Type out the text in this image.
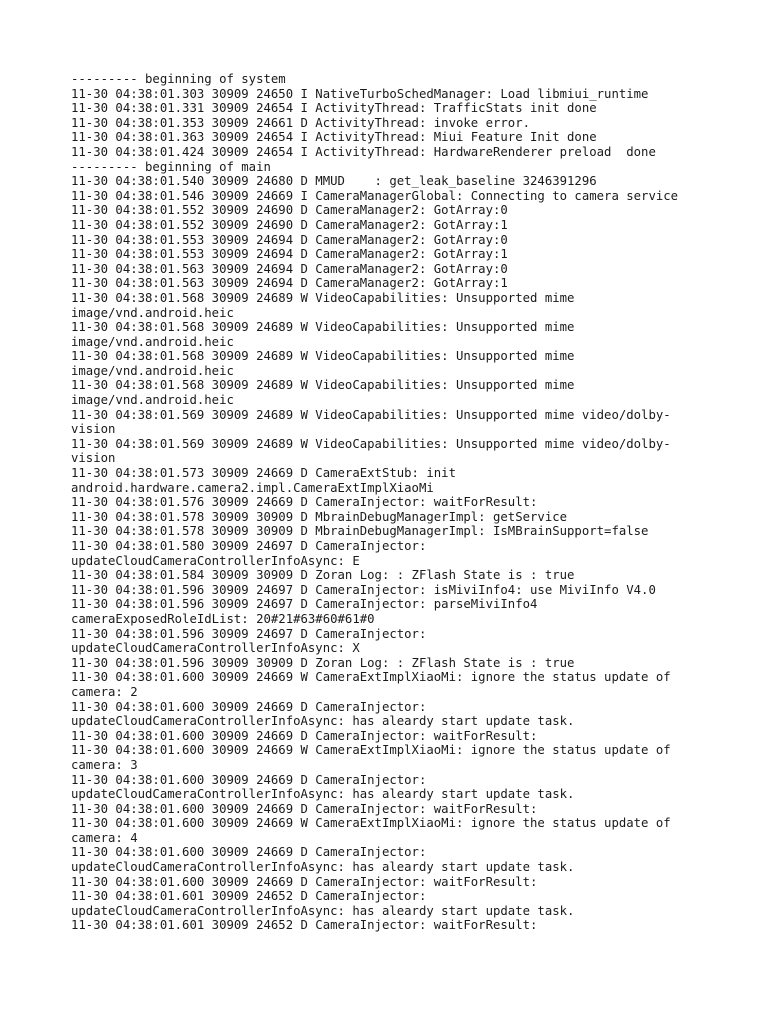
--------- beginning of system
11-30 04:38:01.303 30909 24650 I NativeTurboSchedManager: Load libmiui_runtime
11-30 04:38:01.331 30909 24654 I ActivityThread: TrafficStats init done
11-30 04:38:01.353 30909 24661 D ActivityThread: invoke error.
11-30 04:38:01.363 30909 24654 I ActivityThread: Miui Feature Init done
11-30 04:38:01.424 30909 24654 I ActivityThread: HardwareRenderer preload  done
--------- beginning of main
11-30 04:38:01.540 30909 24680 D MMUD    : get_leak_baseline 3246391296
11-30 04:38:01.546 30909 24669 I CameraManagerGlobal: Connecting to camera service
11-30 04:38:01.552 30909 24690 D CameraManager2: GotArray:0
11-30 04:38:01.552 30909 24690 D CameraManager2: GotArray:1
11-30 04:38:01.553 30909 24694 D CameraManager2: GotArray:0
11-30 04:38:01.553 30909 24694 D CameraManager2: GotArray:1
11-30 04:38:01.563 30909 24694 D CameraManager2: GotArray:0
11-30 04:38:01.563 30909 24694 D CameraManager2: GotArray:1
11-30 04:38:01.568 30909 24689 W VideoCapabilities: Unsupported mime
image/vnd.android.heic
11-30 04:38:01.568 30909 24689 W VideoCapabilities: Unsupported mime
image/vnd.android.heic
11-30 04:38:01.568 30909 24689 W VideoCapabilities: Unsupported mime
image/vnd.android.heic
11-30 04:38:01.568 30909 24689 W VideoCapabilities: Unsupported mime
image/vnd.android.heic
11-30 04:38:01.569 30909 24689 W VideoCapabilities: Unsupported mime video/dolby-
vision
11-30 04:38:01.569 30909 24689 W VideoCapabilities: Unsupported mime video/dolby-
vision
11-30 04:38:01.573 30909 24669 D CameraExtStub: init
android.hardware.camera2.impl.CameraExtImplXiaoMi
11-30 04:38:01.576 30909 24669 D CameraInjector: waitForResult:
11-30 04:38:01.578 30909 30909 D MbrainDebugManagerImpl: getService
11-30 04:38:01.578 30909 30909 D MbrainDebugManagerImpl: IsMBrainSupport=false
11-30 04:38:01.580 30909 24697 D CameraInjector:
updateCloudCameraControllerInfoAsync: E
11-30 04:38:01.584 30909 30909 D Zoran Log: : ZFlash State is : true
11-30 04:38:01.596 30909 24697 D CameraInjector: isMiviInfo4: use MiviInfo V4.0
11-30 04:38:01.596 30909 24697 D CameraInjector: parseMiviInfo4
cameraExposedRoleIdList: 20#21#63#60#61#0
11-30 04:38:01.596 30909 24697 D CameraInjector:
updateCloudCameraControllerInfoAsync: X
11-30 04:38:01.596 30909 30909 D Zoran Log: : ZFlash State is : true
11-30 04:38:01.600 30909 24669 W CameraExtImplXiaoMi: ignore the status update of
camera: 2
11-30 04:38:01.600 30909 24669 D CameraInjector:
updateCloudCameraControllerInfoAsync: has aleardy start update task.
11-30 04:38:01.600 30909 24669 D CameraInjector: waitForResult:
11-30 04:38:01.600 30909 24669 W CameraExtImplXiaoMi: ignore the status update of
camera: 3
11-30 04:38:01.600 30909 24669 D CameraInjector:
updateCloudCameraControllerInfoAsync: has aleardy start update task.
11-30 04:38:01.600 30909 24669 D CameraInjector: waitForResult:
11-30 04:38:01.600 30909 24669 W CameraExtImplXiaoMi: ignore the status update of
camera: 4
11-30 04:38:01.600 30909 24669 D CameraInjector:
updateCloudCameraControllerInfoAsync: has aleardy start update task.
11-30 04:38:01.600 30909 24669 D CameraInjector: waitForResult:
11-30 04:38:01.601 30909 24652 D CameraInjector:
updateCloudCameraControllerInfoAsync: has aleardy start update task.
11-30 04:38:01.601 30909 24652 D CameraInjector: waitForResult:
